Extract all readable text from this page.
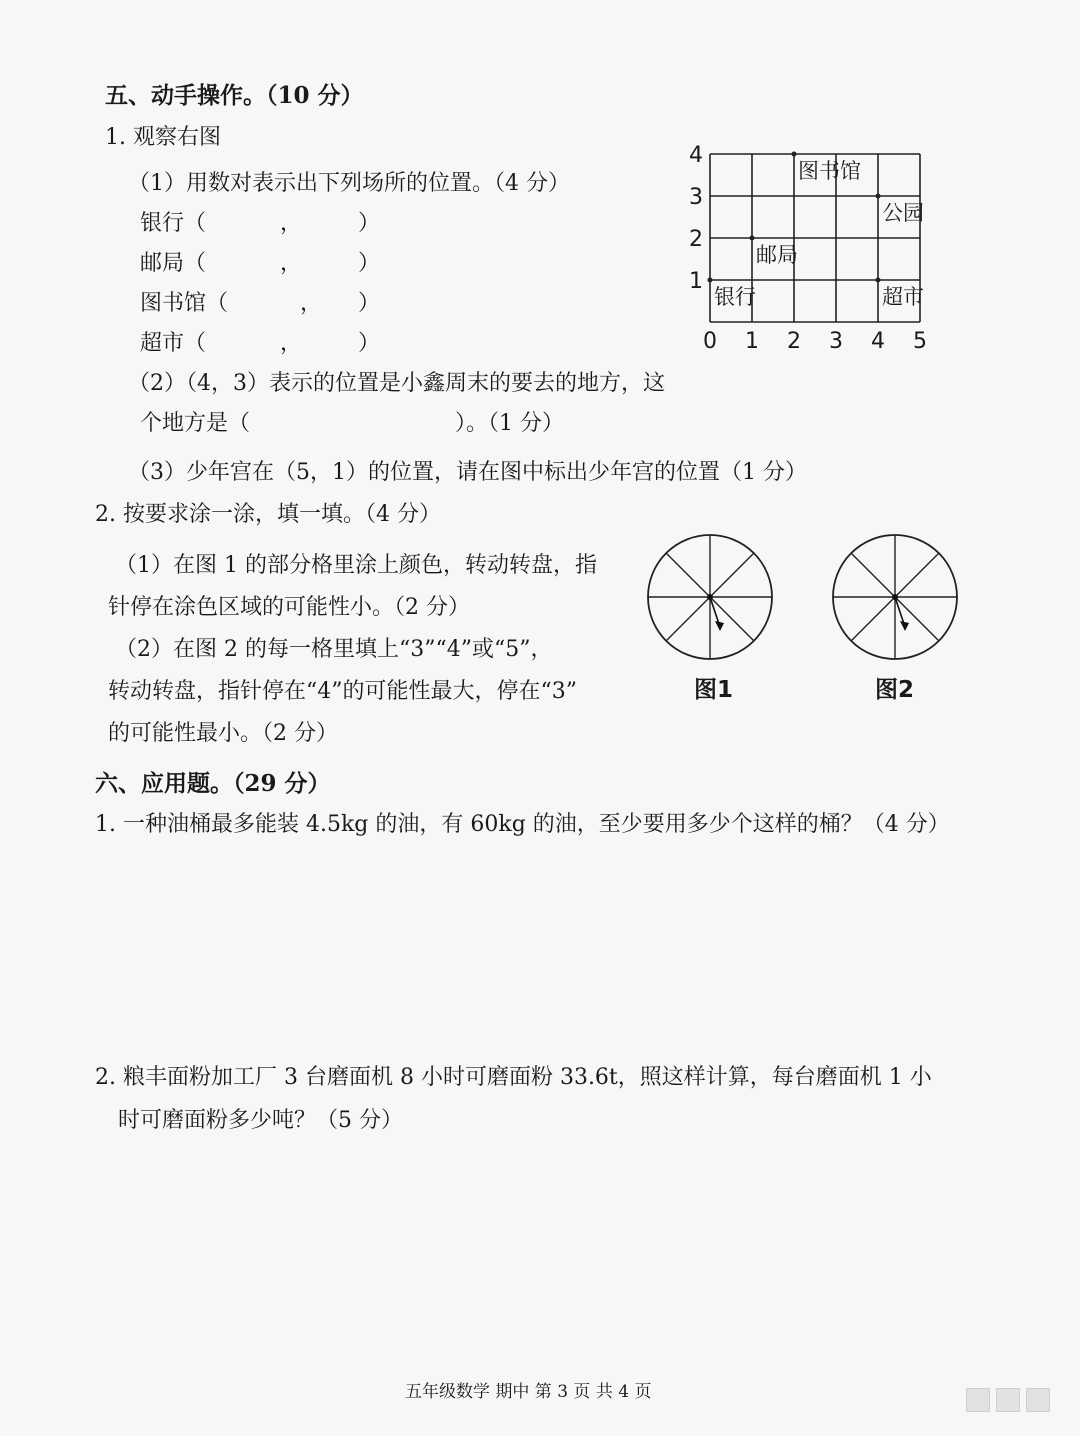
五、动手操作。（10 分）
1. 观察右图
（1）用数对表示出下列场所的位置。（4 分）
银行（	，	）
邮局（	，	）
图书馆（	， ）
超市（	，	）
（2）（4，3）表示的位置是小鑫周末的要去的地方，这
个地方是（	）。（1 分）
（3）少年宫在（5，1）的位置，请在图中标出少年宫的位置（1 分）
0 1 2 3 4 5
1
2
3
4
图书馆
公园
邮局
银行	超市
2. 按要求涂一涂，填一填。（4 分）
（1）在图 1 的部分格里涂上颜色，转动转盘，指
针停在涂色区域的可能性小。（2 分）
（2）在图 2 的每一格里填上“3”“4”或“5”，
转动转盘，指针停在“4”的可能性最大，停在“3”
的可能性最小。（2 分）
图1	图2
六、应用题。（29 分）
1. 一种油桶最多能装 4.5kg 的油，有 60kg 的油，至少要用多少个这样的桶？（4 分）
2. 粮丰面粉加工厂 3 台磨面机 8 小时可磨面粉 33.6t，照这样计算，每台磨面机 1 小
时可磨面粉多少吨？（5 分）
五年级数学 期中 第 3 页 共 4 页
